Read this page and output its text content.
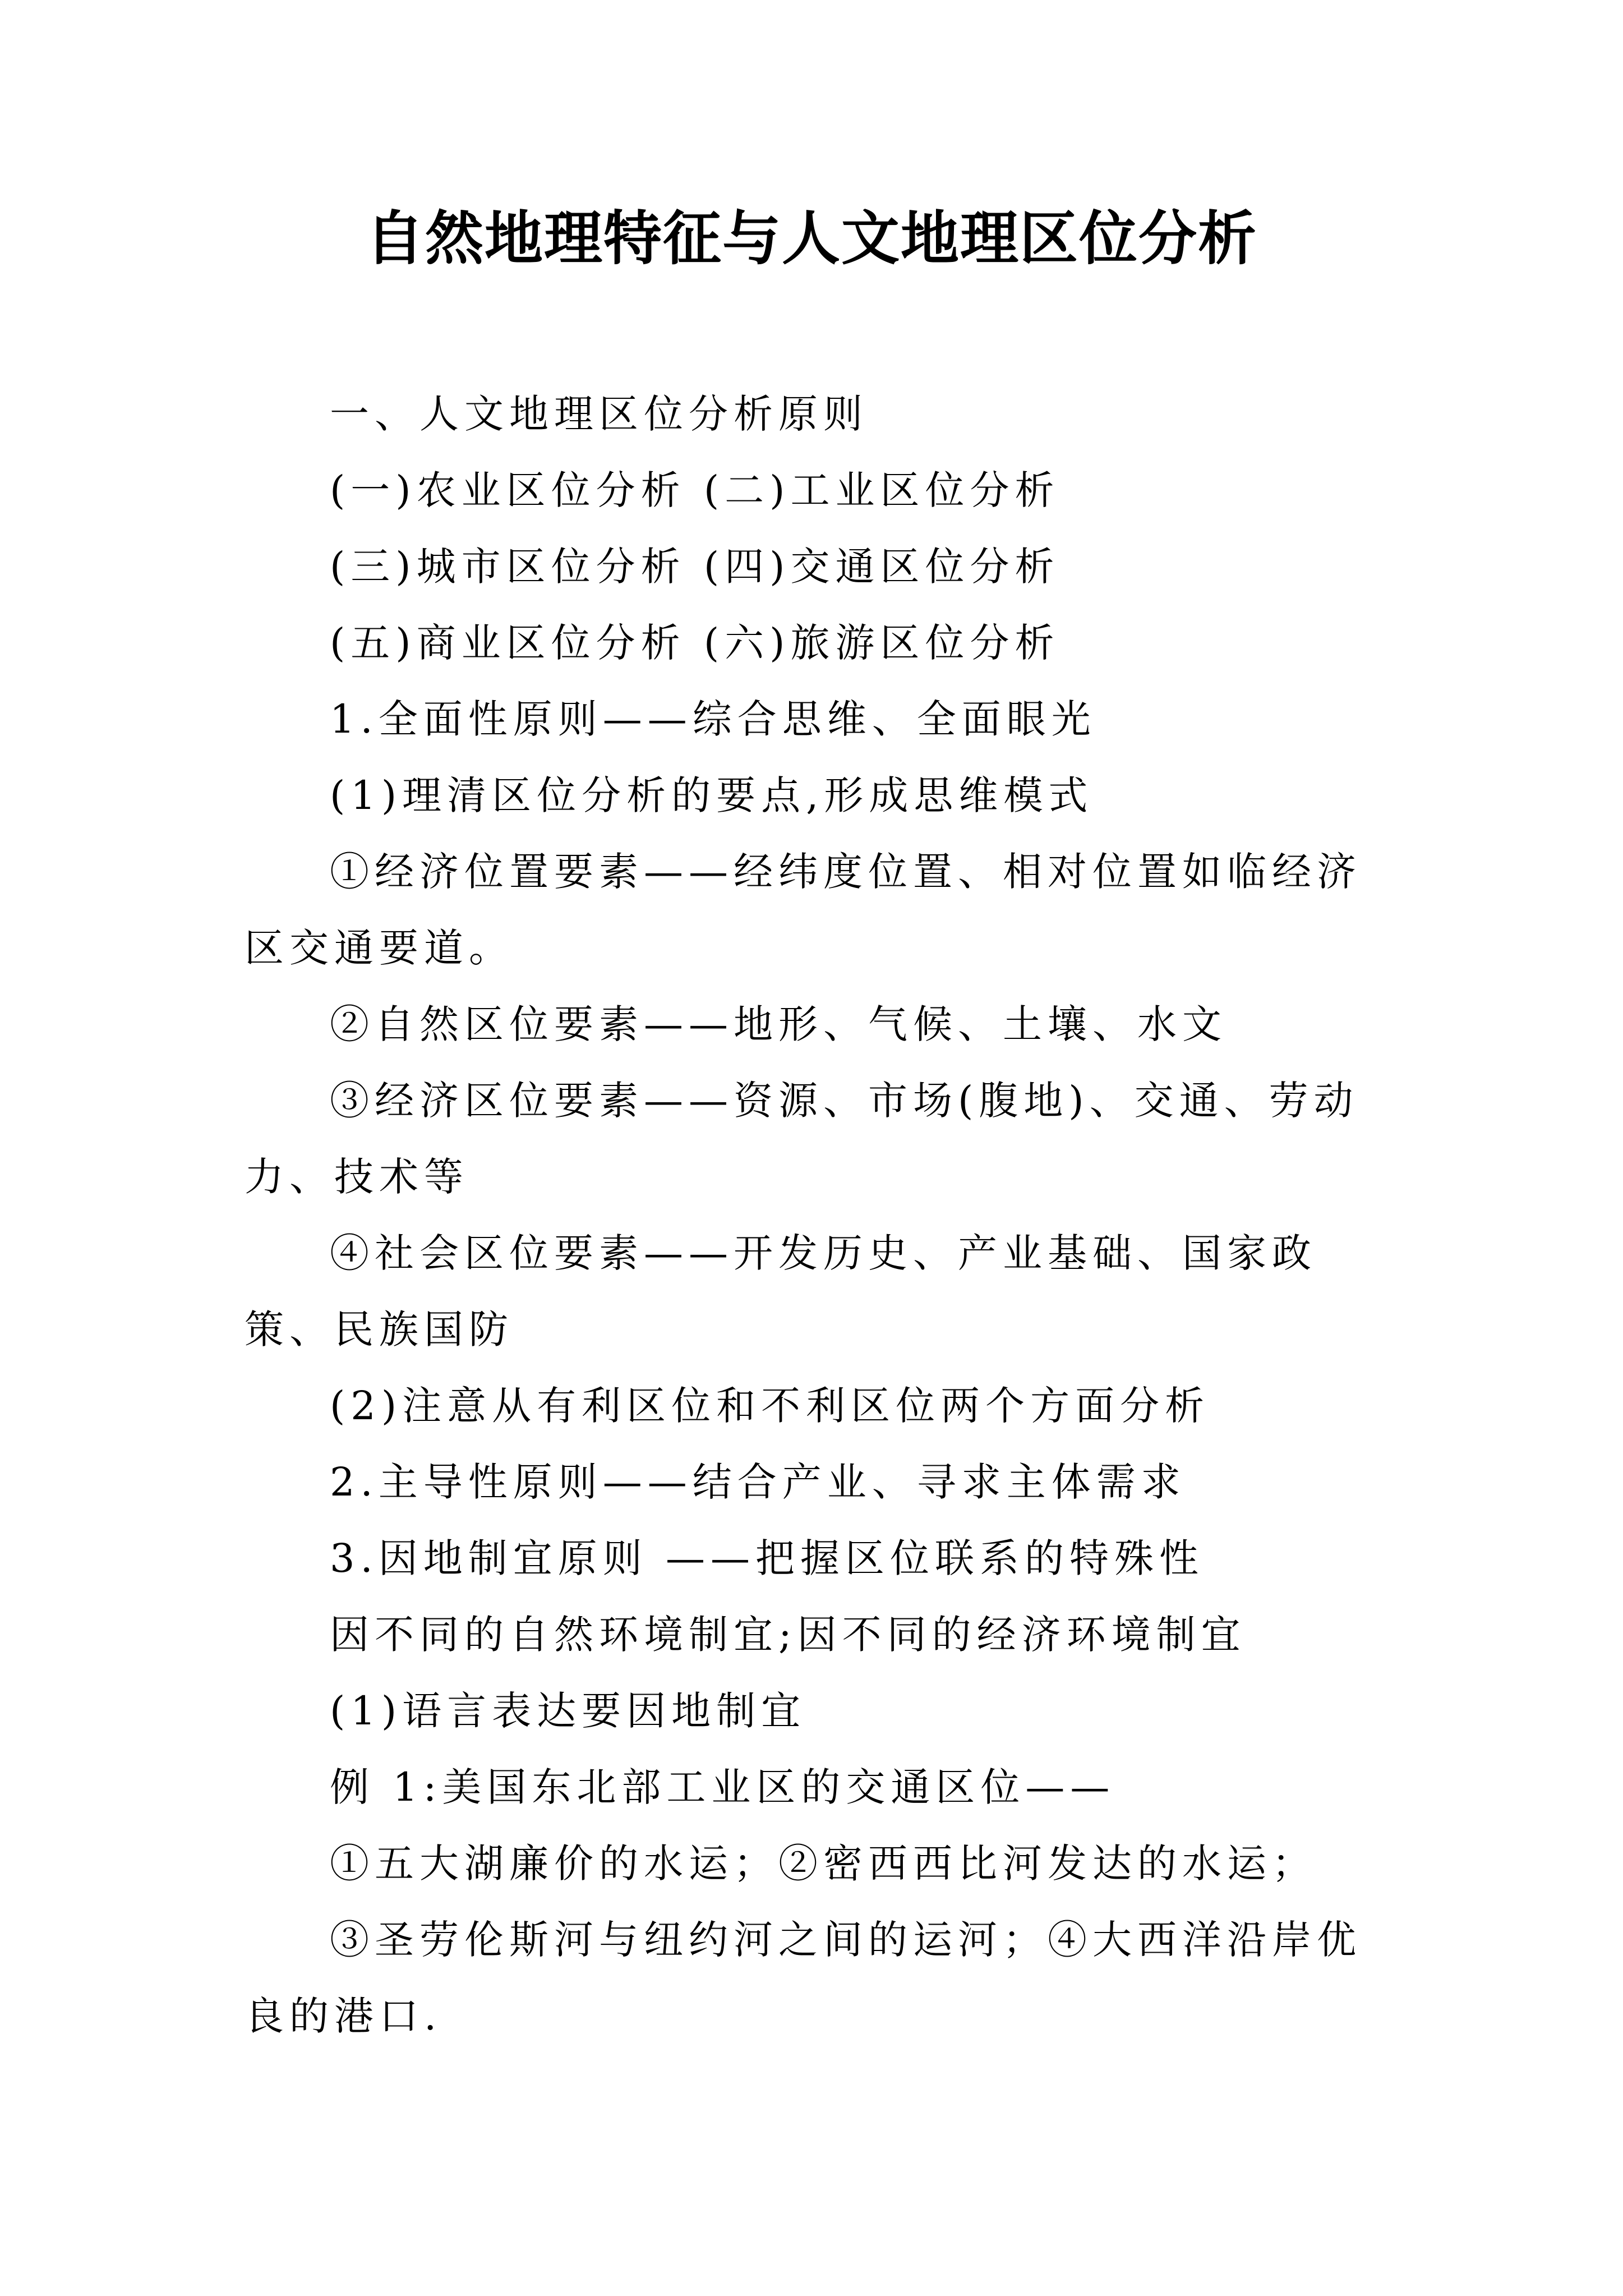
自然地理特征与人文地理区位分析

一、人文地理区位分析原则

(一)农业区位分析 (二)工业区位分析

(三)城市区位分析 (四)交通区位分析

(五)商业区位分析 (六)旅游区位分析

1.全面性原则——综合思维、全面眼光

(1)理清区位分析的要点,形成思维模式

①经济位置要素——经纬度位置、相对位置如临经济区交通要道。

②自然区位要素——地形、气候、土壤、水文

③经济区位要素——资源、市场(腹地)、交通、劳动力、技术等

④社会区位要素——开发历史、产业基础、国家政策、民族国防

(2)注意从有利区位和不利区位两个方面分析

2.主导性原则——结合产业、寻求主体需求

3.因地制宜原则 ——把握区位联系的特殊性

因不同的自然环境制宜;因不同的经济环境制宜

(1)语言表达要因地制宜

例 1:美国东北部工业区的交通区位——

①五大湖廉价的水运；②密西西比河发达的水运；

③圣劳伦斯河与纽约河之间的运河；④大西洋沿岸优良的港口.
